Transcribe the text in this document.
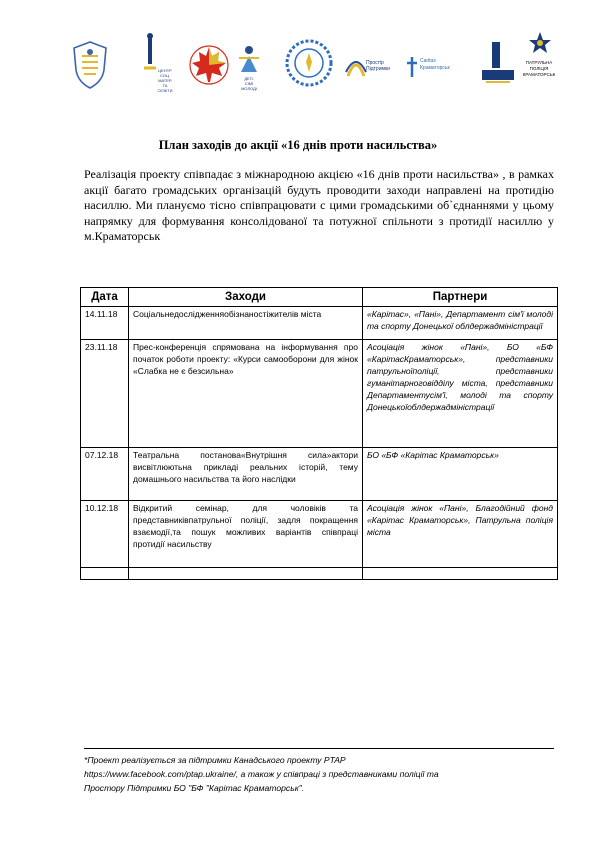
ЦЕНТР
СОЦ.
МАТЕР.
ТА
ОСВІТИ
ДЕП.
СІМЇ
МОЛОДІ
Простір
Підтримки
Caritas
Краматорськ
ПАТРУЛЬНА
ПОЛІЦІЯ
КРАМАТОРСЬК
План заходів до акції «16 днів проти насильства»
Реалізація проекту співпадає з міжнародною акцією «16 днів проти насильства» , в рамках акції багато громадських організацій будуть проводити заходи направлені на протидію насиллю. Ми плануємо тісно співпрацювати с цими громадськими об`єднаннями у цьому напрямку для формування консолідованої та потужної спільноти з протидії насиллю у м.Краматорськ
Дата	Заходи	Партнери
14.11.18	Соціальнедослідженняобізнаностіжителів міста	«Карітас», «Пані», Департамент сім'ї молоді та спорту Донецької облдержадміністрації
23.11.18	Прес-конференція спрямована на інформування про початок роботи проекту: «Курси самооборони для жінок «Слабка не є безсильна»	Асоціація жінок «Пані», БО «БФ «КарітасКраматорськ», представники патрульноїполіції, представники гуманітарноговідділу міста, представники Департаментусім'ї, молоді та спорту Донецькоїоблдержадміністрації
07.12.18	Театральна постанова«Внутрішня сила»актори висвітлюютьна прикладі реальних історій, тему домашнього насильства та його наслідки	БО «БФ «Карітас Краматорськ»
10.12.18	Відкритий семінар, для чоловіків та представниківпатрульної поліції, задля покращення взаємодії,та пошук можливих варіантів співпраці протидії насильству	Асоціація жінок «Пані», Благодійний фонд «Карітас Краматорськ», Патрульна поліція міста

*Проект реалізується за підтримки Канадського проекту PTAP
https://www.facebook.com/ptap.ukraine/, а також у співпраці з представниками поліції та
Простору Підтримки БО "БФ "Карітас Краматорськ".
